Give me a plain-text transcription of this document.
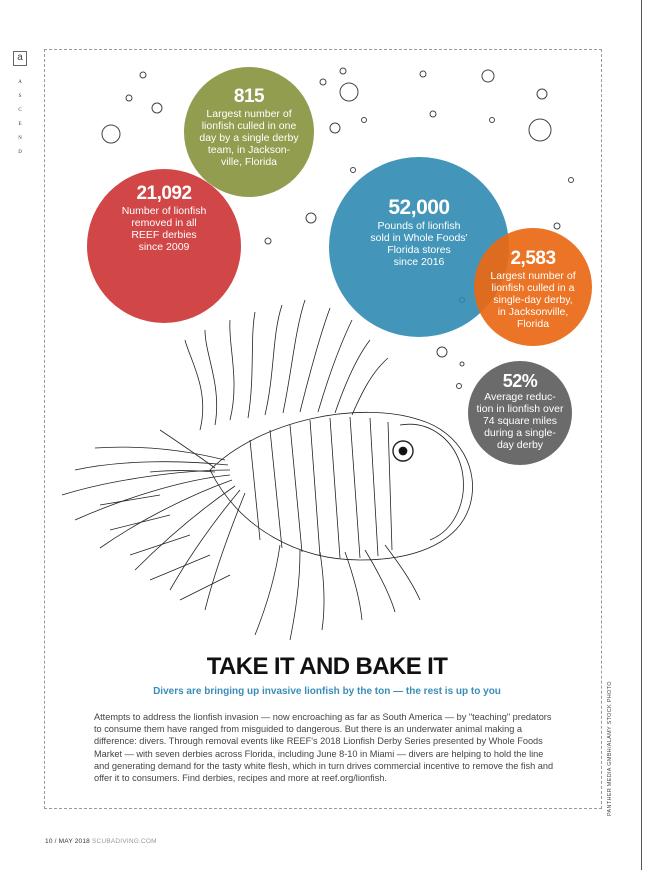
a
A
S
C
E
N
D
21,092
Number of lionfish
removed in all
REEF derbies
since 2009
815
Largest number of
lionfish culled in one
day by a single derby
team, in Jackson-
ville, Florida
52,000
Pounds of lionfish
sold in Whole Foods'
Florida stores
since 2016	2,583
Largest number of
lionfish culled in a
single-day derby,
in Jacksonville,
Florida
52%
Average reduc-
tion in lionfish over
74 square miles
during a single-
day derby
TAKE IT AND BAKE IT
Divers are bringing up invasive lionfish by the ton — the rest is up to you
Attempts to address the lionfish invasion — now encroaching as far as South America — by "teaching" predators to consume them have ranged from misguided to dangerous. But there is an underwater animal making a difference: divers. Through removal events like REEF's 2018 Lionfish Derby Series presented by Whole Foods Market — with seven derbies across Florida, including June 8-10 in Miami — divers are helping to hold the line and generating demand for the tasty white flesh, which in turn drives commercial incentive to remove the fish and offer it to consumers. Find derbies, recipes and more at reef.org/lionfish.	PANTHER MEDIA GMBH/ALAMY STOCK PHOTO
10 / MAY 2018 SCUBADIVING.COM
